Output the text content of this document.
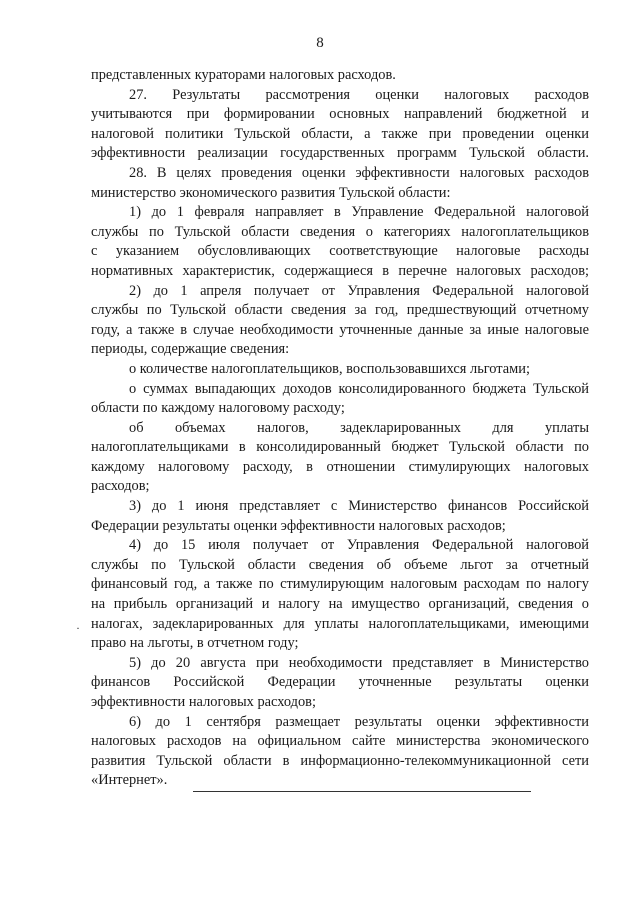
8
представленных кураторами налоговых расходов.
27. Результаты рассмотрения оценки налоговых расходов
учитываются при формировании основных направлений бюджетной и
налоговой политики Тульской области, а также при проведении оценки
эффективности реализации государственных программ Тульской области.
28. В целях проведения оценки эффективности налоговых расходов
министерство экономического развития Тульской области:
1) до 1 февраля направляет в Управление Федеральной налоговой
службы по Тульской области сведения о категориях налогоплательщиков
с указанием обусловливающих соответствующие налоговые расходы
нормативных характеристик, содержащиеся в перечне налоговых расходов;
2) до 1 апреля получает от Управления Федеральной налоговой
службы по Тульской области сведения за год, предшествующий отчетному
году, а также в случае необходимости уточненные данные за иные налоговые
периоды, содержащие сведения:
о количестве налогоплательщиков, воспользовавшихся льготами;
о суммах выпадающих доходов консолидированного бюджета Тульской
области по каждому налоговому расходу;
об объемах налогов, задекларированных для уплаты
налогоплательщиками в консолидированный бюджет Тульской области по
каждому налоговому расходу, в отношении стимулирующих налоговых
расходов;
3) до 1 июня представляет с Министерство финансов Российской
Федерации результаты оценки эффективности налоговых расходов;
4) до 15 июля получает от Управления Федеральной налоговой
службы по Тульской области сведения об объеме льгот за отчетный
финансовый год, а также по стимулирующим налоговым расходам по налогу
на прибыль организаций и налогу на имущество организаций, сведения о
налогах, задекларированных для уплаты налогоплательщиками, имеющими
право на льготы, в отчетном году;
5) до 20 августа при необходимости представляет в Министерство
финансов Российской Федерации уточненные результаты оценки
эффективности налоговых расходов;
6) до 1 сентября размещает результаты оценки эффективности
налоговых расходов на официальном сайте министерства экономического
развития Тульской области в информационно-телекоммуникационной сети
«Интернет».
·
